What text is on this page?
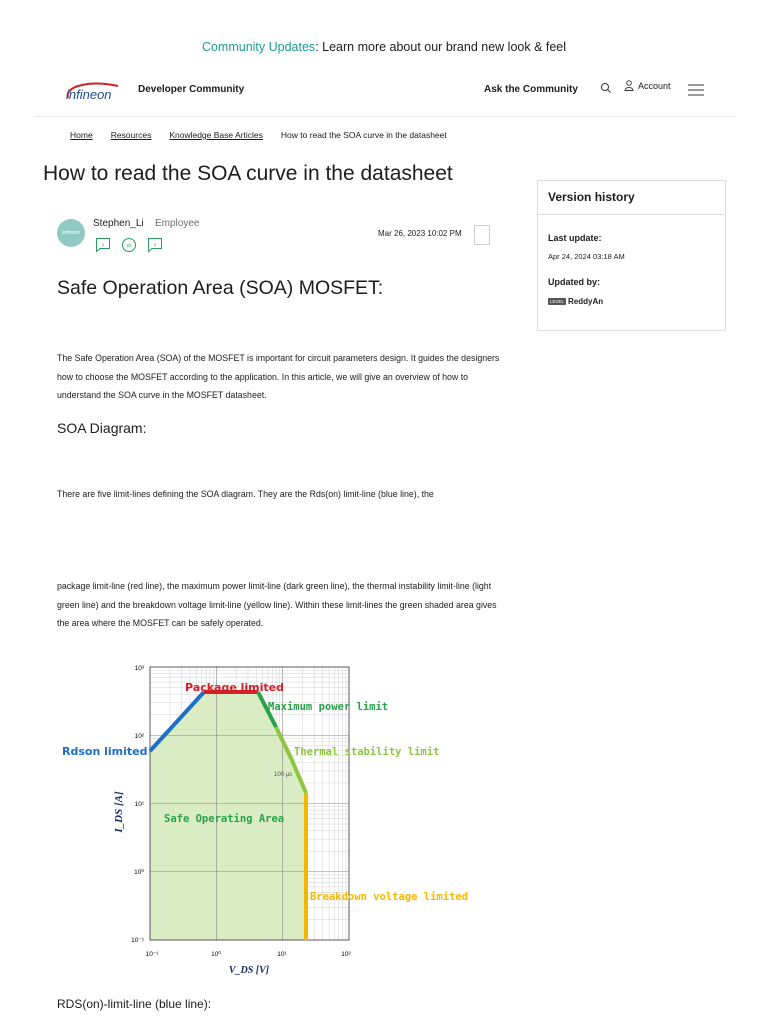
Community Updates: Learn more about our brand new look & feel
infineon	Developer Community	Ask the Community	Account
Home Resources Knowledge Base Articles How to read the SOA curve in the datasheet
How to read the SOA curve in the datasheet
infineon
Stephen_Li Employee
1	25	1
Mar 26, 2023 10:02 PM
Safe Operation Area (SOA) MOSFET:

The Safe Operation Area (SOA) of the MOSFET is important for circuit parameters design. It guides the designers how to choose the MOSFET according to the application. In this article, we will give an overview of how to understand the SOA curve in the MOSFET datasheet.

SOA Diagram:

There are five limit-lines defining the SOA diagram. They are the Rds(on) limit-line (blue line), the

package limit-line (red line), the maximum power limit-line (dark green line), the thermal instability limit-line (light green line) and the breakdown voltage limit-line (yellow line). Within these limit-lines the green shaded area gives the area where the MOSFET can be safely operated.

10³
10²
10¹
10⁰
10⁻¹
10⁻¹	10⁰	10¹	10²
I_DS [A]
V_DS [V]
Package limited
Maximum power limit
Rdson limited	Thermal stability limit
100 µs
Safe Operating Area
Breakdown voltage limited
RDS(on)-limit-line (blue line):
Version history
Last update:
Apr 24, 2024 03:18 AM
Updated by:
LEVEL ReddyAn
